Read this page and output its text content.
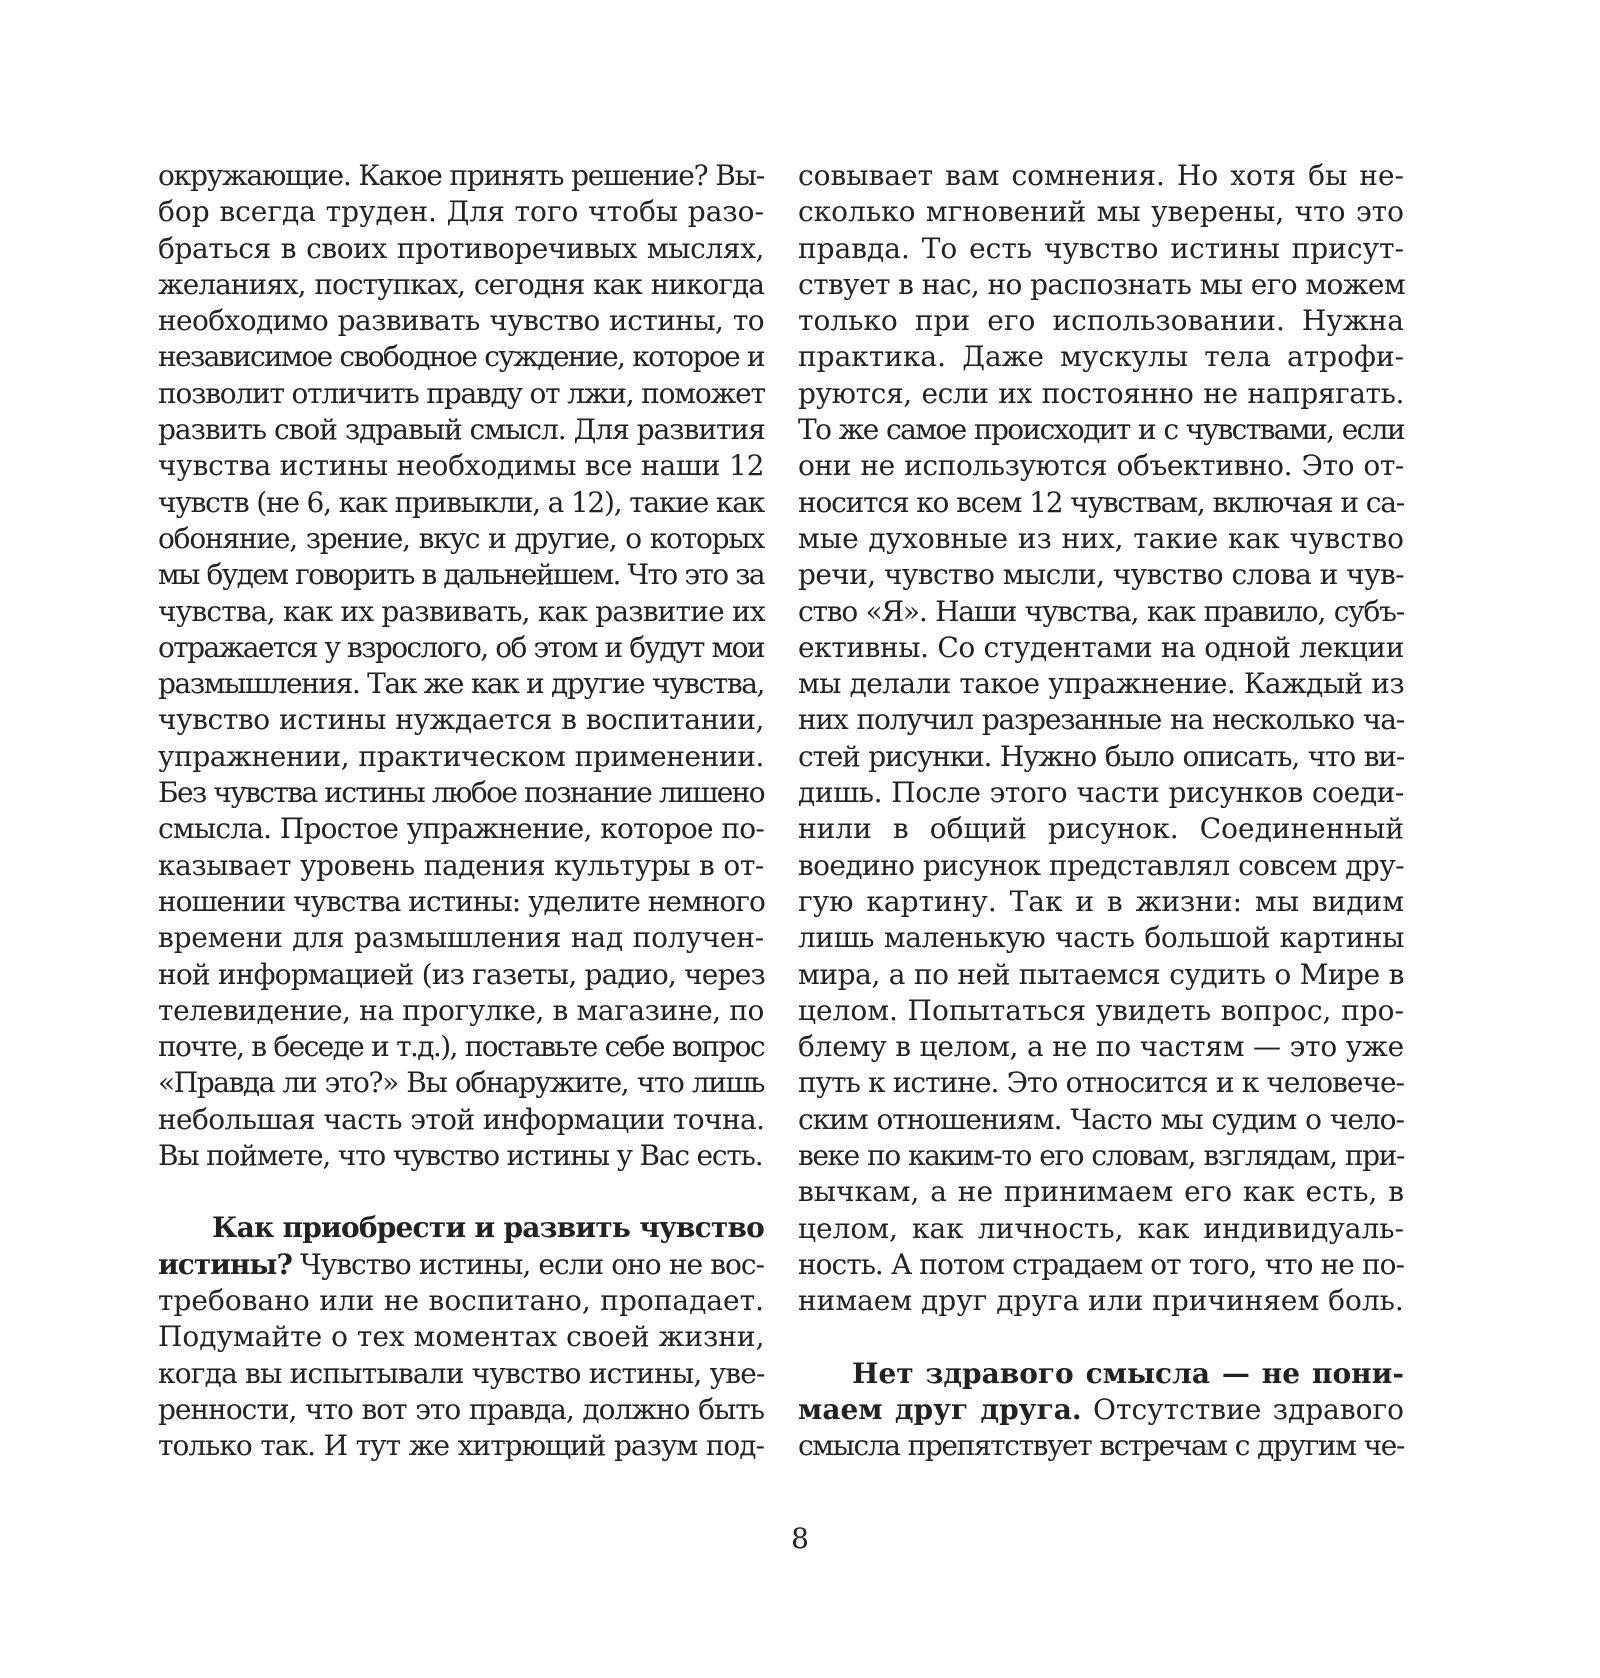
окружающие. Какое принять решение? Вы-
бор всегда труден. Для того чтобы разо-
браться в своих противоречивых мыслях,
желаниях, поступках, сегодня как никогда
необходимо развивать чувство истины, то
независимое свободное суждение, которое и
позволит отличить правду от лжи, поможет
развить свой здравый смысл. Для развития
чувства истины необходимы все наши 12
чувств (не 6, как привыкли, а 12), такие как
обоняние, зрение, вкус и другие, о которых
мы будем говорить в дальнейшем. Что это за
чувства, как их развивать, как развитие их
отражается у взрослого, об этом и будут мои
размышления. Так же как и другие чувства,
чувство истины нуждается в воспитании,
упражнении, практическом применении.
Без чувства истины любое познание лишено
смысла. Простое упражнение, которое по-
казывает уровень падения культуры в от-
ношении чувства истины: уделите немного
времени для размышления над получен-
ной информацией (из газеты, радио, через
телевидение, на прогулке, в магазине, по
почте, в беседе и т.д.), поставьте себе вопрос
«Правда ли это?» Вы обнаружите, что лишь
небольшая часть этой информации точна.
Вы поймете, что чувство истины у Вас есть.
Как приобрести и развить чувство
истины? Чувство истины, если оно не вос-
требовано или не воспитано, пропадает.
Подумайте о тех моментах своей жизни,
когда вы испытывали чувство истины, уве-
ренности, что вот это правда, должно быть
только так. И тут же хитрющий разум под-
совывает вам сомнения. Но хотя бы не-
сколько мгновений мы уверены, что это
правда. То есть чувство истины присут-
ствует в нас, но распознать мы его можем
только при его использовании. Нужна
практика. Даже мускулы тела атрофи-
руются, если их постоянно не напрягать.
То же самое происходит и с чувствами, если
они не используются объективно. Это от-
носится ко всем 12 чувствам, включая и са-
мые духовные из них, такие как чувство
речи, чувство мысли, чувство слова и чув-
ство «Я». Наши чувства, как правило, субъ-
ективны. Со студентами на одной лекции
мы делали такое упражнение. Каждый из
них получил разрезанные на несколько ча-
стей рисунки. Нужно было описать, что ви-
дишь. После этого части рисунков соеди-
нили в общий рисунок. Соединенный
воедино рисунок представлял совсем дру-
гую картину. Так и в жизни: мы видим
лишь маленькую часть большой картины
мира, а по ней пытаемся судить о Мире в
целом. Попытаться увидеть вопрос, про-
блему в целом, а не по частям — это уже
путь к истине. Это относится и к человече-
ским отношениям. Часто мы судим о чело-
веке по каким-то его словам, взглядам, при-
вычкам, а не принимаем его как есть, в
целом, как личность, как индивидуаль-
ность. А потом страдаем от того, что не по-
нимаем друг друга или причиняем боль.
Нет здравого смысла — не пони-
маем друг друга. Отсутствие здравого
смысла препятствует встречам с другим че-
8
